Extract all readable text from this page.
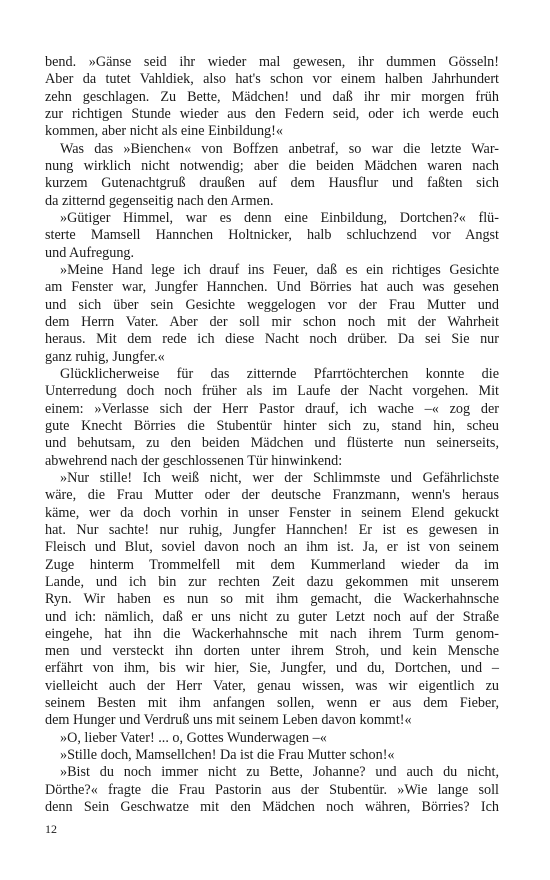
bend. »Gänse seid ihr wieder mal gewesen, ihr dummen Gösseln!
Aber da tutet Vahldiek, also hat's schon vor einem halben Jahrhundert
zehn geschlagen. Zu Bette, Mädchen! und daß ihr mir morgen früh
zur richtigen Stunde wieder aus den Federn seid, oder ich werde euch
kommen, aber nicht als eine Einbildung!«
Was das »Bienchen« von Boffzen anbetraf, so war die letzte War-
nung wirklich nicht notwendig; aber die beiden Mädchen waren nach
kurzem Gutenachtgruß draußen auf dem Hausflur und faßten sich
da zitternd gegenseitig nach den Armen.
»Gütiger Himmel, war es denn eine Einbildung, Dortchen?« flü-
sterte Mamsell Hannchen Holtnicker, halb schluchzend vor Angst
und Aufregung.
»Meine Hand lege ich drauf ins Feuer, daß es ein richtiges Gesichte
am Fenster war, Jungfer Hannchen. Und Börries hat auch was gesehen
und sich über sein Gesichte weggelogen vor der Frau Mutter und
dem Herrn Vater. Aber der soll mir schon noch mit der Wahrheit
heraus. Mit dem rede ich diese Nacht noch drüber. Da sei Sie nur
ganz ruhig, Jungfer.«
Glücklicherweise für das zitternde Pfarrtöchterchen konnte die
Unterredung doch noch früher als im Laufe der Nacht vorgehen. Mit
einem: »Verlasse sich der Herr Pastor drauf, ich wache –« zog der
gute Knecht Börries die Stubentür hinter sich zu, stand hin, scheu
und behutsam, zu den beiden Mädchen und flüsterte nun seinerseits,
abwehrend nach der geschlossenen Tür hinwinkend:
»Nur stille! Ich weiß nicht, wer der Schlimmste und Gefährlichste
wäre, die Frau Mutter oder der deutsche Franzmann, wenn's heraus
käme, wer da doch vorhin in unser Fenster in seinem Elend gekuckt
hat. Nur sachte! nur ruhig, Jungfer Hannchen! Er ist es gewesen in
Fleisch und Blut, soviel davon noch an ihm ist. Ja, er ist von seinem
Zuge hinterm Trommelfell mit dem Kummerland wieder da im
Lande, und ich bin zur rechten Zeit dazu gekommen mit unserem
Ryn. Wir haben es nun so mit ihm gemacht, die Wackerhahnsche
und ich: nämlich, daß er uns nicht zu guter Letzt noch auf der Straße
eingehe, hat ihn die Wackerhahnsche mit nach ihrem Turm genom-
men und versteckt ihn dorten unter ihrem Stroh, und kein Mensche
erfährt von ihm, bis wir hier, Sie, Jungfer, und du, Dortchen, und –
vielleicht auch der Herr Vater, genau wissen, was wir eigentlich zu
seinem Besten mit ihm anfangen sollen, wenn er aus dem Fieber,
dem Hunger und Verdruß uns mit seinem Leben davon kommt!«
»O, lieber Vater! ... o, Gottes Wunderwagen –«
»Stille doch, Mamsellchen! Da ist die Frau Mutter schon!«
»Bist du noch immer nicht zu Bette, Johanne? und auch du nicht,
Dörthe?« fragte die Frau Pastorin aus der Stubentür. »Wie lange soll
denn Sein Geschwatze mit den Mädchen noch währen, Börries? Ich
12
